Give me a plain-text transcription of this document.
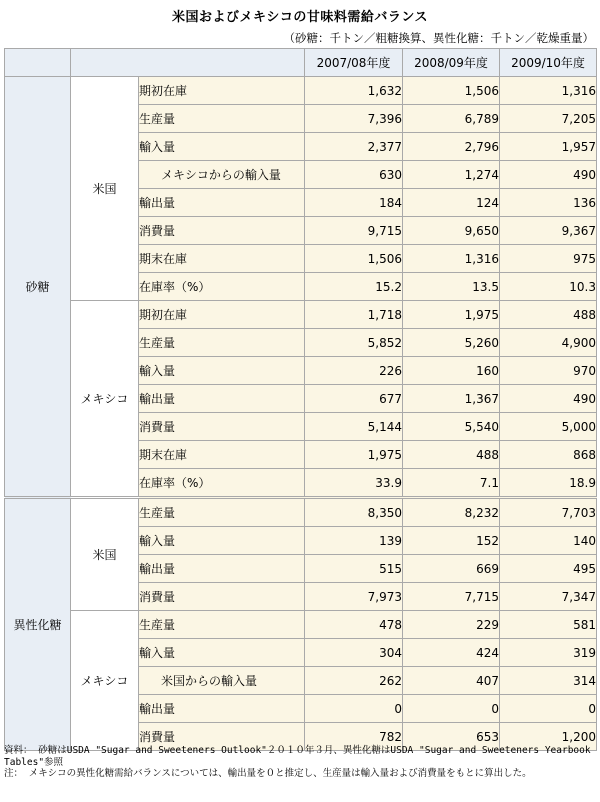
米国およびメキシコの甘味料需給バランス
（砂糖：千トン／粗糖換算、異性化糖：千トン／乾燥重量）
			2007/08年度	2008/09年度	2009/10年度
砂糖	米国	期初在庫	1,632	1,506	1,316
		生産量	7,396	6,789	7,205
		輸入量	2,377	2,796	1,957
		メキシコからの輸入量	630	1,274	490
		輸出量	184	124	136
		消費量	9,715	9,650	9,367
		期末在庫	1,506	1,316	975
		在庫率（%）	15.2	13.5	10.3
	メキシコ	期初在庫	1,718	1,975	488
		生産量	5,852	5,260	4,900
		輸入量	226	160	970
		輸出量	677	1,367	490
		消費量	5,144	5,540	5,000
		期末在庫	1,975	488	868
		在庫率（%）	33.9	7.1	18.9
異性化糖	米国	生産量	8,350	8,232	7,703
		輸入量	139	152	140
		輸出量	515	669	495
		消費量	7,973	7,715	7,347
	メキシコ	生産量	478	229	581
		輸入量	304	424	319
		米国からの輸入量	262	407	314
		輸出量	0	0	0
		消費量	782	653	1,200
資料： 砂糖はUSDA "Sugar and Sweeteners Outlook"２０１０年３月、異性化糖はUSDA "Sugar and Sweeteners Yearbook Tables"参照
注： メキシコの異性化糖需給バランスについては、輸出量を０と推定し、生産量は輸入量および消費量をもとに算出した。
